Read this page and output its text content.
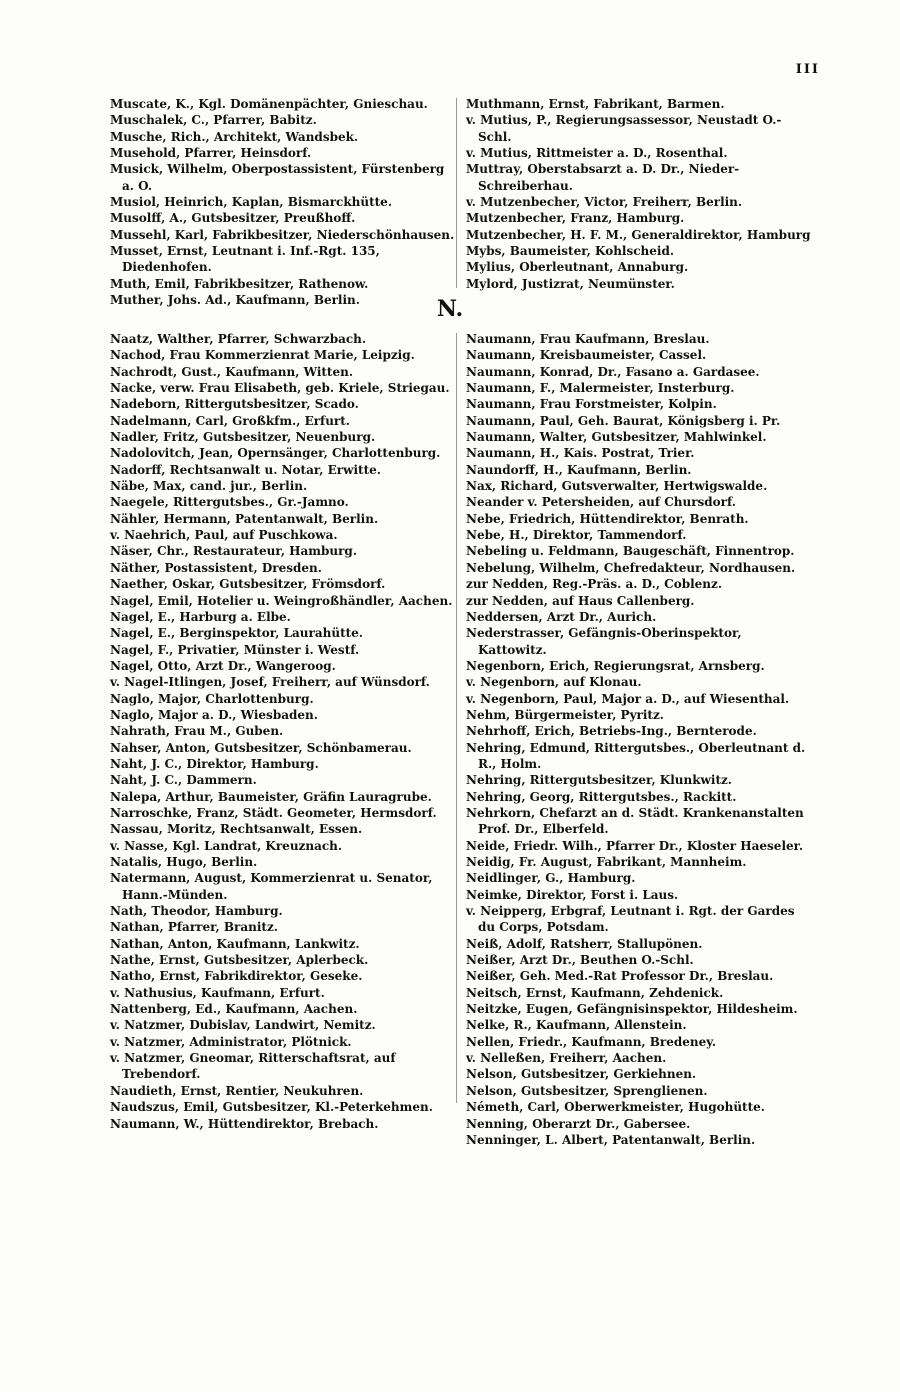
III
Muscate, K., Kgl. Domänenpächter, Gnieschau.
Muschalek, C., Pfarrer, Babitz.
Musche, Rich., Architekt, Wandsbek.
Musehold, Pfarrer, Heinsdorf.
Musick, Wilhelm, Oberpostassistent, Fürstenberg a. O.
Musiol, Heinrich, Kaplan, Bismarckhütte.
Musolff, A., Gutsbesitzer, Preußhoff.
Mussehl, Karl, Fabrikbesitzer, Niederschönhausen.
Musset, Ernst, Leutnant i. Inf.-Rgt. 135, Diedenhofen.
Muth, Emil, Fabrikbesitzer, Rathenow.
Muther, Johs. Ad., Kaufmann, Berlin.
Muthmann, Ernst, Fabrikant, Barmen.
v. Mutius, P., Regierungsassessor, Neustadt O.-Schl.
v. Mutius, Rittmeister a. D., Rosenthal.
Muttray, Oberstabsarzt a. D. Dr., Nieder-Schreiberhau.
v. Mutzenbecher, Victor, Freiherr, Berlin.
Mutzenbecher, Franz, Hamburg.
Mutzenbecher, H. F. M., Generaldirektor, Hamburg
Mybs, Baumeister, Kohlscheid.
Mylius, Oberleutnant, Annaburg.
Mylord, Justizrat, Neumünster.
N.
Naatz, Walther, Pfarrer, Schwarzbach.
Nachod, Frau Kommerzienrat Marie, Leipzig.
Nachrodt, Gust., Kaufmann, Witten.
Nacke, verw. Frau Elisabeth, geb. Kriele, Striegau.
Nadeborn, Rittergutsbesitzer, Scado.
Nadelmann, Carl, Großkfm., Erfurt.
Nadler, Fritz, Gutsbesitzer, Neuenburg.
Nadolovitch, Jean, Opernsänger, Charlottenburg.
Nadorff, Rechtsanwalt u. Notar, Erwitte.
Näbe, Max, cand. jur., Berlin.
Naegele, Rittergutsbes., Gr.-Jamno.
Nähler, Hermann, Patentanwalt, Berlin.
v. Naehrich, Paul, auf Puschkowa.
Näser, Chr., Restaurateur, Hamburg.
Näther, Postassistent, Dresden.
Naether, Oskar, Gutsbesitzer, Frömsdorf.
Nagel, Emil, Hotelier u. Weingroßhändler, Aachen.
Nagel, E., Harburg a. Elbe.
Nagel, E., Berginspektor, Laurahütte.
Nagel, F., Privatier, Münster i. Westf.
Nagel, Otto, Arzt Dr., Wangeroog.
v. Nagel-Itlingen, Josef, Freiherr, auf Wünsdorf.
Naglo, Major, Charlottenburg.
Naglo, Major a. D., Wiesbaden.
Nahrath, Frau M., Guben.
Nahser, Anton, Gutsbesitzer, Schönbamerau.
Naht, J. C., Direktor, Hamburg.
Naht, J. C., Dammern.
Nalepa, Arthur, Baumeister, Gräfin Lauragrube.
Narroschke, Franz, Städt. Geometer, Hermsdorf.
Nassau, Moritz, Rechtsanwalt, Essen.
v. Nasse, Kgl. Landrat, Kreuznach.
Natalis, Hugo, Berlin.
Natermann, August, Kommerzienrat u. Senator, Hann.-Münden.
Nath, Theodor, Hamburg.
Nathan, Pfarrer, Branitz.
Nathan, Anton, Kaufmann, Lankwitz.
Nathe, Ernst, Gutsbesitzer, Aplerbeck.
Natho, Ernst, Fabrikdirektor, Geseke.
v. Nathusius, Kaufmann, Erfurt.
Nattenberg, Ed., Kaufmann, Aachen.
v. Natzmer, Dubislav, Landwirt, Nemitz.
v. Natzmer, Administrator, Plötnick.
v. Natzmer, Gneomar, Ritterschaftsrat, auf Trebendorf.
Naudieth, Ernst, Rentier, Neukuhren.
Naudszus, Emil, Gutsbesitzer, Kl.-Peterkehmen.
Naumann, W., Hüttendirektor, Brebach.
Naumann, Frau Kaufmann, Breslau.
Naumann, Kreisbaumeister, Cassel.
Naumann, Konrad, Dr., Fasano a. Gardasee.
Naumann, F., Malermeister, Insterburg.
Naumann, Frau Forstmeister, Kolpin.
Naumann, Paul, Geh. Baurat, Königsberg i. Pr.
Naumann, Walter, Gutsbesitzer, Mahlwinkel.
Naumann, H., Kais. Postrat, Trier.
Naundorff, H., Kaufmann, Berlin.
Nax, Richard, Gutsverwalter, Hertwigswalde.
Neander v. Petersheiden, auf Chursdorf.
Nebe, Friedrich, Hüttendirektor, Benrath.
Nebe, H., Direktor, Tammendorf.
Nebeling u. Feldmann, Baugeschäft, Finnentrop.
Nebelung, Wilhelm, Chefredakteur, Nordhausen.
zur Nedden, Reg.-Präs. a. D., Coblenz.
zur Nedden, auf Haus Callenberg.
Neddersen, Arzt Dr., Aurich.
Nederstrasser, Gefängnis-Oberinspektor, Kattowitz.
Negenborn, Erich, Regierungsrat, Arnsberg.
v. Negenborn, auf Klonau.
v. Negenborn, Paul, Major a. D., auf Wiesenthal.
Nehm, Bürgermeister, Pyritz.
Nehrhoff, Erich, Betriebs-Ing., Bernterode.
Nehring, Edmund, Rittergutsbes., Oberleutnant d. R., Holm.
Nehring, Rittergutsbesitzer, Klunkwitz.
Nehring, Georg, Rittergutsbes., Rackitt.
Nehrkorn, Chefarzt an d. Städt. Krankenanstalten Prof. Dr., Elberfeld.
Neide, Friedr. Wilh., Pfarrer Dr., Kloster Haeseler.
Neidig, Fr. August, Fabrikant, Mannheim.
Neidlinger, G., Hamburg.
Neimke, Direktor, Forst i. Laus.
v. Neipperg, Erbgraf, Leutnant i. Rgt. der Gardes du Corps, Potsdam.
Neiß, Adolf, Ratsherr, Stallupönen.
Neißer, Arzt Dr., Beuthen O.-Schl.
Neißer, Geh. Med.-Rat Professor Dr., Breslau.
Neitsch, Ernst, Kaufmann, Zehdenick.
Neitzke, Eugen, Gefängnisinspektor, Hildesheim.
Nelke, R., Kaufmann, Allenstein.
Nellen, Friedr., Kaufmann, Bredeney.
v. Nelleßen, Freiherr, Aachen.
Nelson, Gutsbesitzer, Gerkiehnen.
Nelson, Gutsbesitzer, Sprenglienen.
Németh, Carl, Oberwerkmeister, Hugohütte.
Nenning, Oberarzt Dr., Gabersee.
Nenninger, L. Albert, Patentanwalt, Berlin.
